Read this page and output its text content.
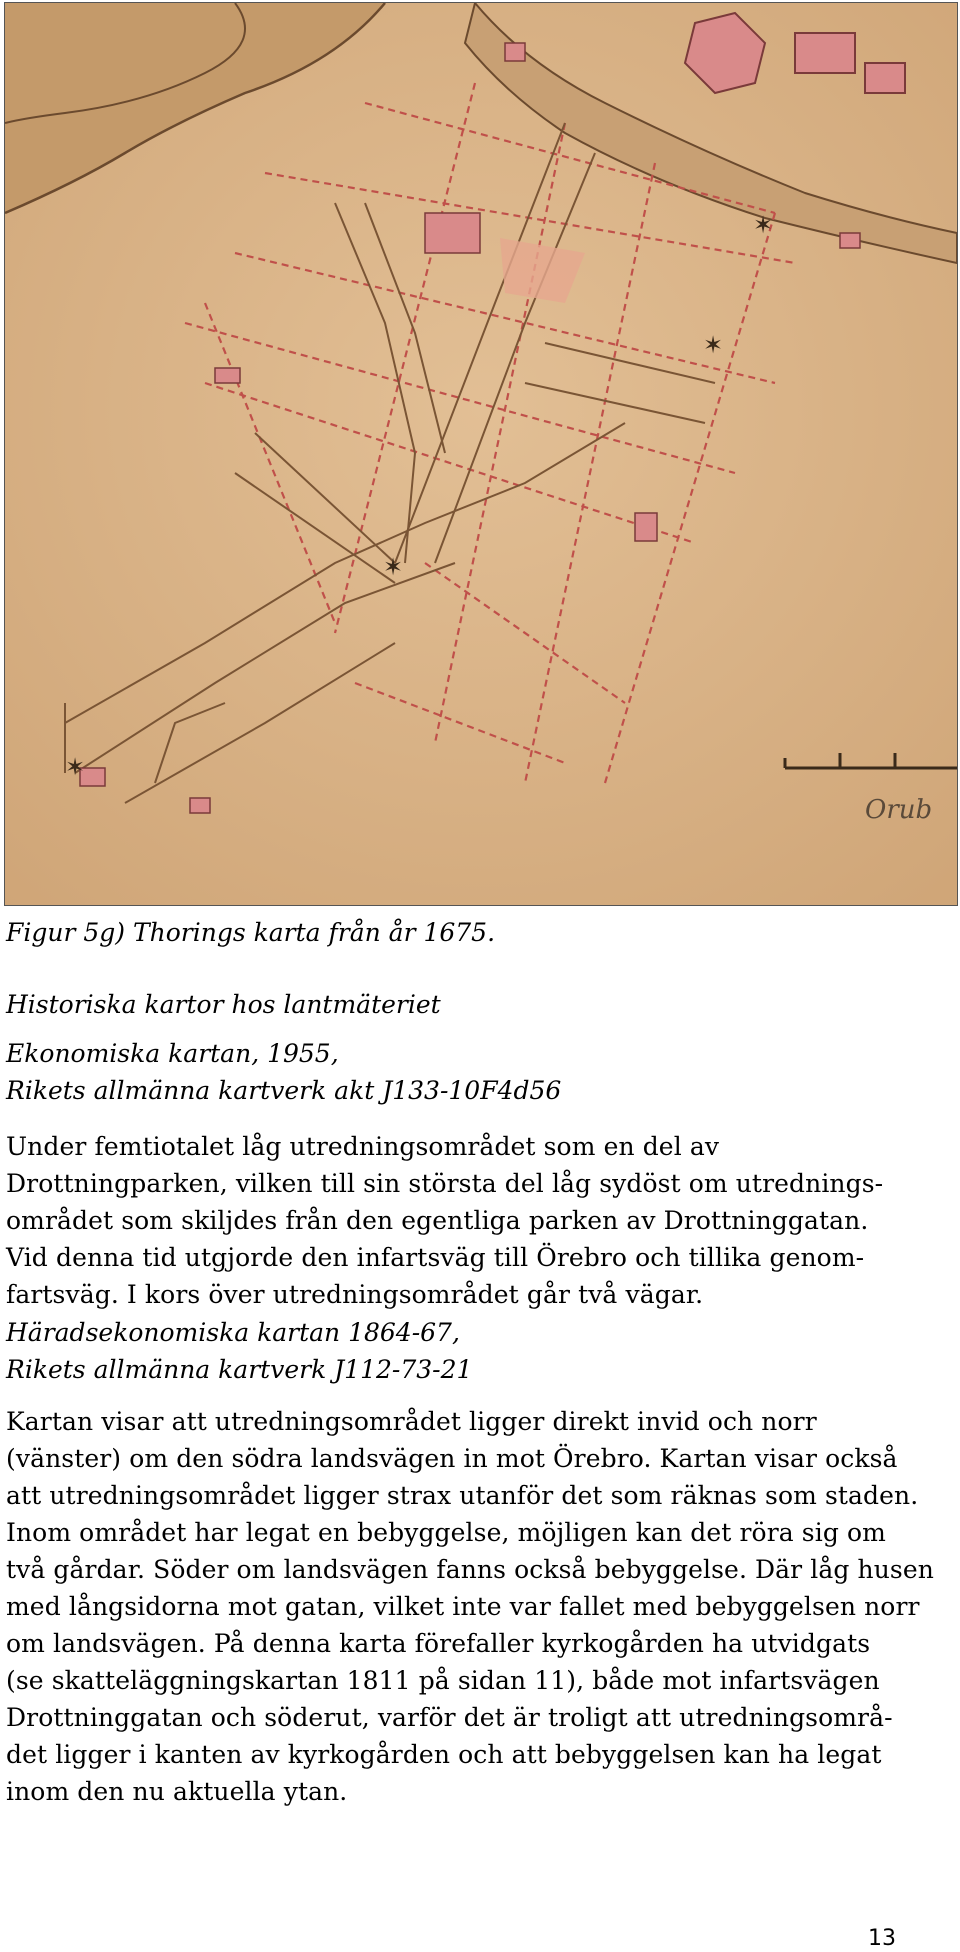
✶
✶
✶
✶
Orub
Figur 5g) Thorings karta från år 1675.
Historiska kartor hos lantmäteriet
Ekonomiska kartan, 1955,
Rikets allmänna kartverk akt J133-10F4d56
Under femtiotalet låg utredningsområdet som en del av
Drottningparken, vilken till sin största del låg sydöst om utrednings-
området som skiljdes från den egentliga parken av Drottninggatan.
Vid denna tid utgjorde den infartsväg till Örebro och tillika genom-
fartsväg. I kors över utredningsområdet går två vägar.
Häradsekonomiska kartan 1864-67,
Rikets allmänna kartverk J112-73-21
Kartan visar att utredningsområdet ligger direkt invid och norr
(vänster) om den södra landsvägen in mot Örebro. Kartan visar också
att utredningsområdet ligger strax utanför det som räknas som staden.
Inom området har legat en bebyggelse, möjligen kan det röra sig om
två gårdar. Söder om landsvägen fanns också bebyggelse. Där låg husen
med långsidorna mot gatan, vilket inte var fallet med bebyggelsen norr
om landsvägen. På denna karta förefaller kyrkogården ha utvidgats
(se skatteläggningskartan 1811 på sidan 11), både mot infartsvägen
Drottninggatan och söderut, varför det är troligt att utredningsområ-
det ligger i kanten av kyrkogården och att bebyggelsen kan ha legat
inom den nu aktuella ytan.
13
